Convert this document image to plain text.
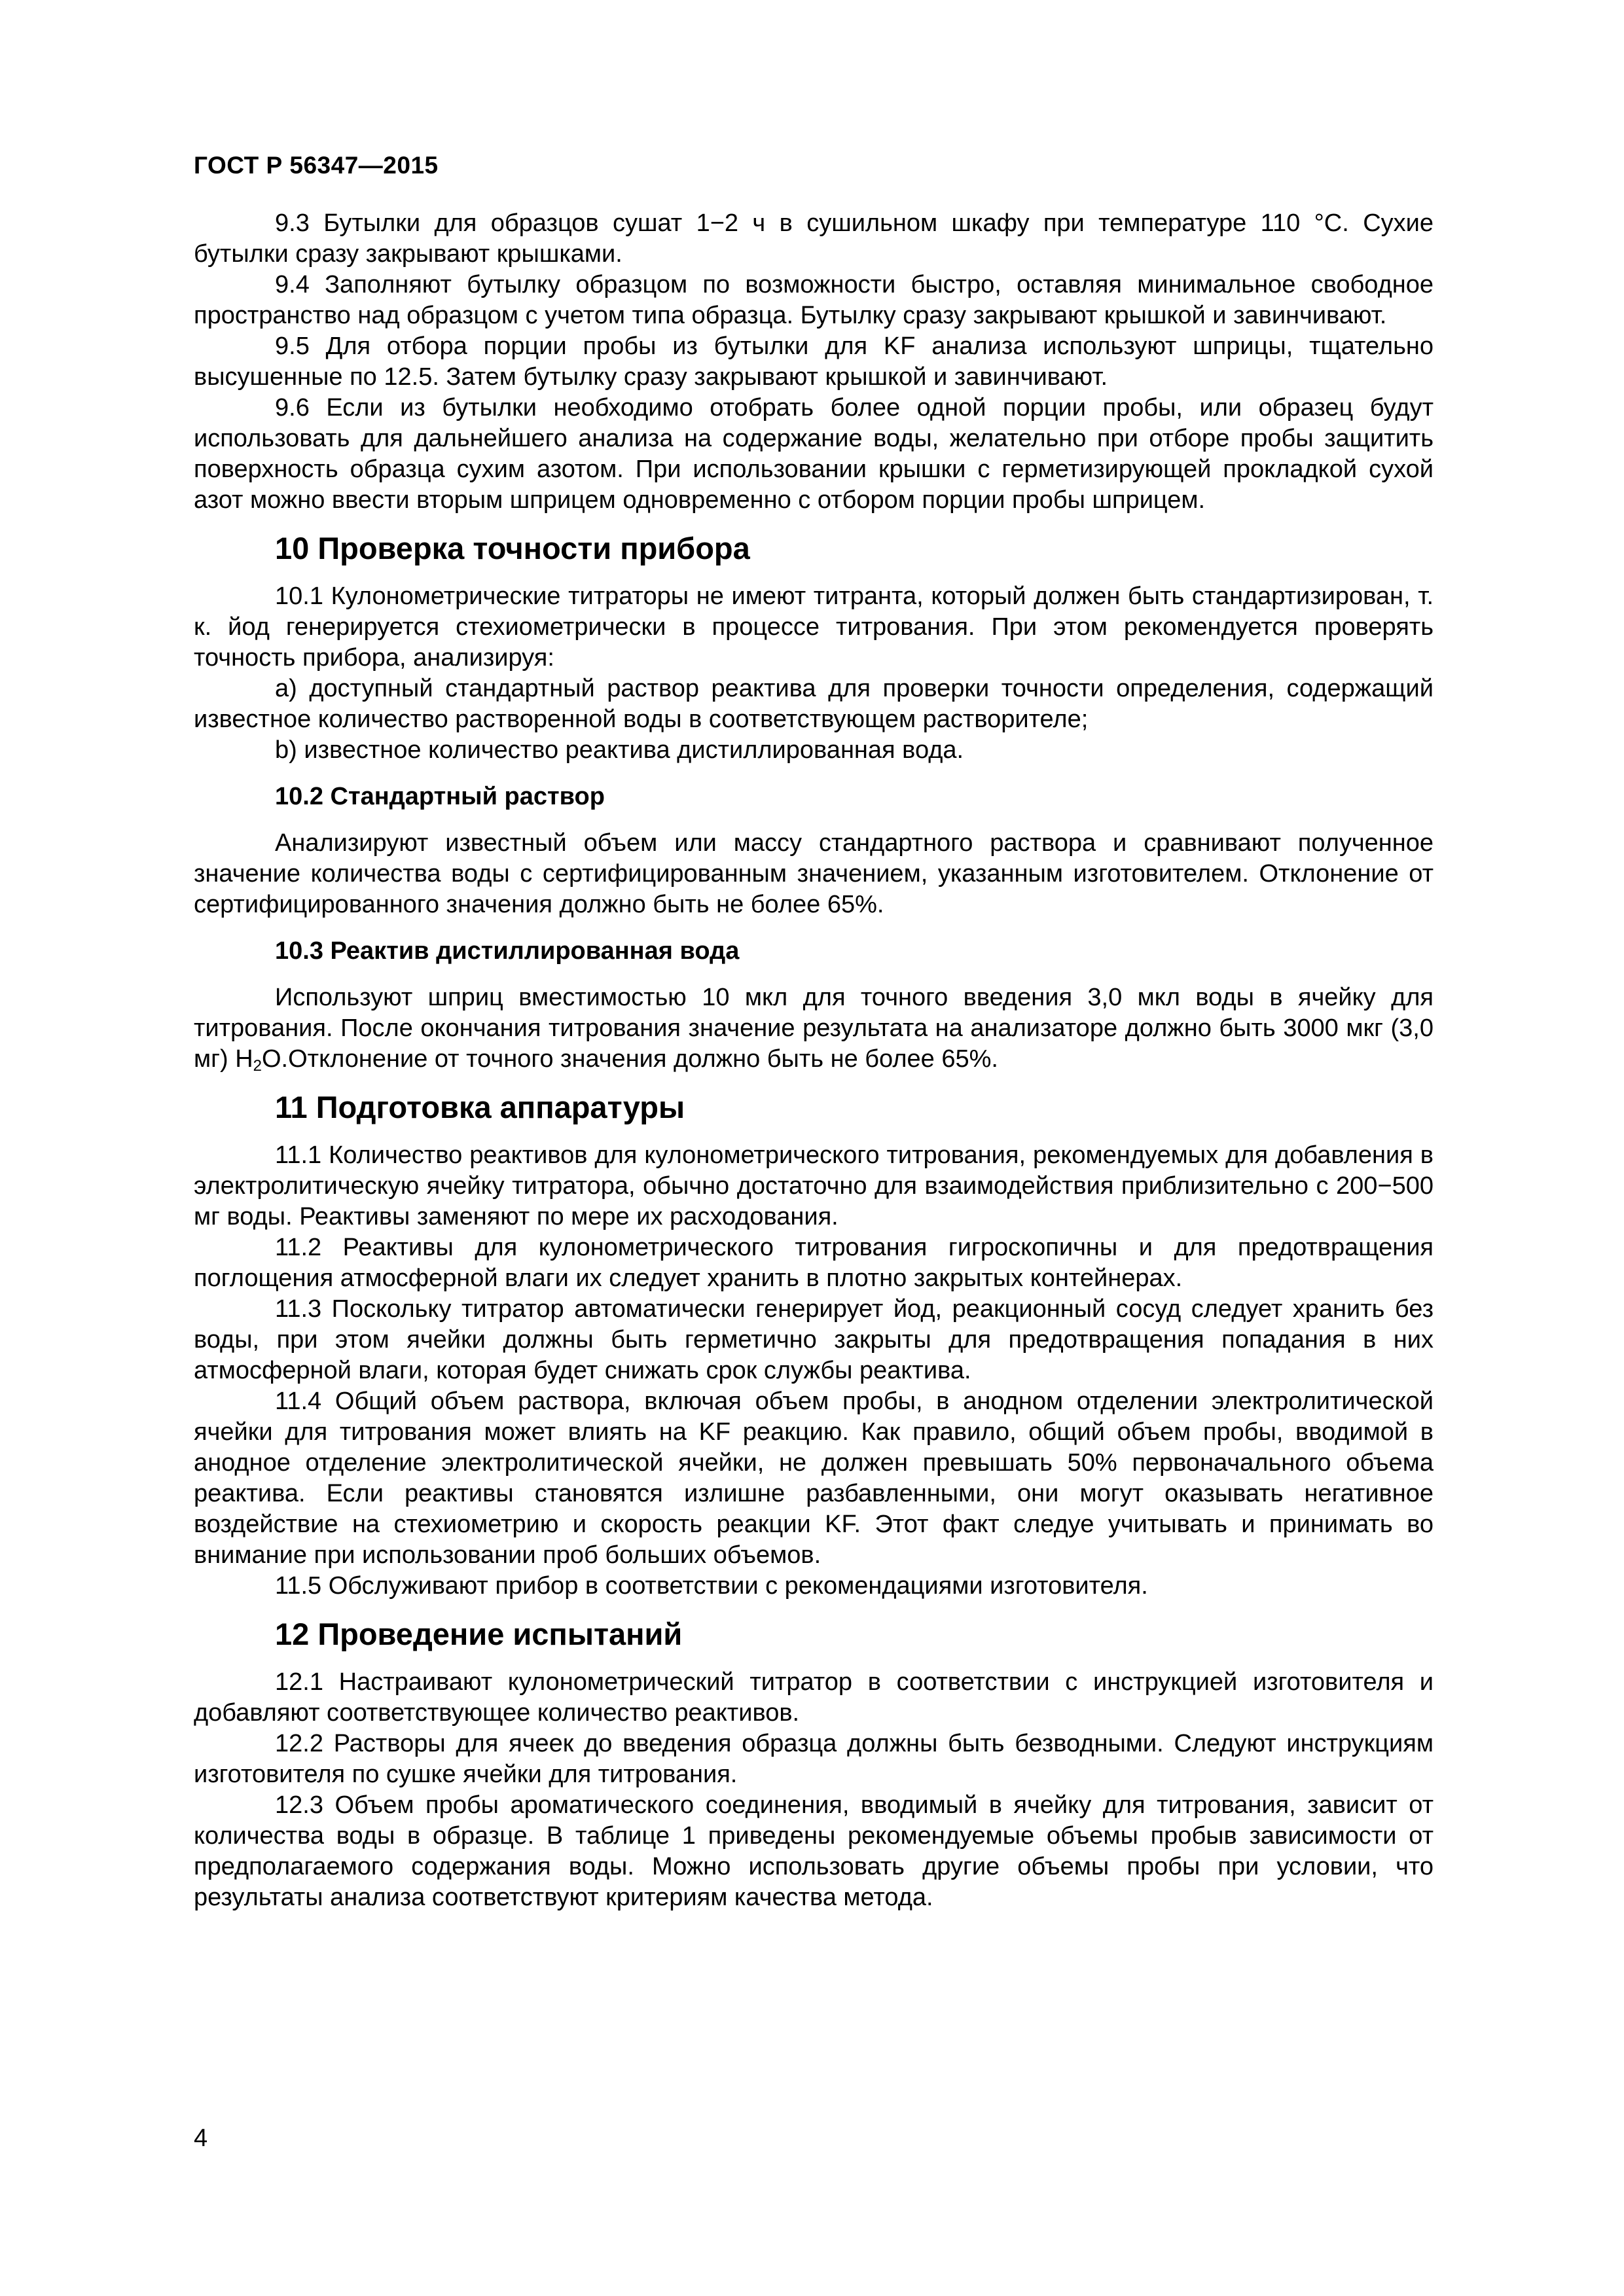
ГОСТ Р 56347—2015

9.3 Бутылки для образцов сушат 1−2 ч в сушильном шкафу при температуре 110 °С. Сухие бутылки сразу закрывают крышками.

9.4 Заполняют бутылку образцом по возможности быстро, оставляя минимальное свободное пространство над образцом с учетом типа образца. Бутылку сразу закрывают крышкой и завинчивают.

9.5 Для отбора порции пробы из бутылки для KF анализа используют шприцы, тщательно высушенные по 12.5. Затем бутылку сразу закрывают крышкой и завинчивают.

9.6 Если из бутылки необходимо отобрать более одной порции пробы, или образец будут использовать для дальнейшего анализа на содержание воды, желательно при отборе пробы защитить поверхность образца сухим азотом. При использовании крышки с герметизирующей прокладкой сухой азот можно ввести вторым шприцем одновременно с отбором порции пробы шприцем.

10 Проверка точности прибора

10.1 Кулонометрические титраторы не имеют титранта, который должен быть стандартизирован, т. к. йод генерируется стехиометрически в процессе титрования. При этом рекомендуется проверять точность прибора, анализируя:

a) доступный стандартный раствор реактива для проверки точности определения, содержащий известное количество растворенной воды в соответствующем растворителе;

b) известное количество реактива дистиллированная вода.

10.2 Стандартный раствор

Анализируют известный объем или массу стандартного раствора и сравнивают полученное значение количества воды с сертифицированным значением, указанным изготовителем. Отклонение от сертифицированного значения должно быть не более 65%.

10.3 Реактив дистиллированная вода

Используют шприц вместимостью 10 мкл для точного введения 3,0 мкл воды в ячейку для титрования. После окончания титрования значение результата на анализаторе должно быть 3000 мкг (3,0 мг) $H_2O.Отклонение$ от точного значения должно быть не более 65%.

11 Подготовка аппаратуры

11.1 Количество реактивов для кулонометрического титрования, рекомендуемых для добавления в электролитическую ячейку титратора, обычно достаточно для взаимодействия приблизительно с 200−500 мг воды. Реактивы заменяют по мере их расходования.

11.2 Реактивы для кулонометрического титрования гигроскопичны и для предотвращения поглощения атмосферной влаги их следует хранить в плотно закрытых контейнерах.

11.3 Поскольку титратор автоматически генерирует йод, реакционный сосуд следует хранить без воды, при этом ячейки должны быть герметично закрыты для предотвращения попадания в них атмосферной влаги, которая будет снижать срок службы реактива.

11.4 Общий объем раствора, включая объем пробы, в анодном отделении электролитической ячейки для титрования может влиять на KF реакцию. Как правило, общий объем пробы, вводимой в анодное отделение электролитической ячейки, не должен превышать 50% первоначального объема реактива. Если реактивы становятся излишне разбавленными, они могут оказывать негативное воздействие на стехиометрию и скорость реакции KF. Этот факт следуе учитывать и принимать во внимание при использовании проб больших объемов.

11.5 Обслуживают прибор в соответствии с рекомендациями изготовителя.

12 Проведение испытаний

12.1 Настраивают кулонометрический титратор в соответствии с инструкцией изготовителя и добавляют соответствующее количество реактивов.

12.2 Растворы для ячеек до введения образца должны быть безводными. Следуют инструкциям изготовителя по сушке ячейки для титрования.

12.3 Объем пробы ароматического соединения, вводимый в ячейку для титрования, зависит от количества воды в образце. В таблице 1 приведены рекомендуемые объемы пробыв зависимости от предполагаемого содержания воды. Можно использовать другие объемы пробы при условии, что результаты анализа соответствуют критериям качества метода.

4
